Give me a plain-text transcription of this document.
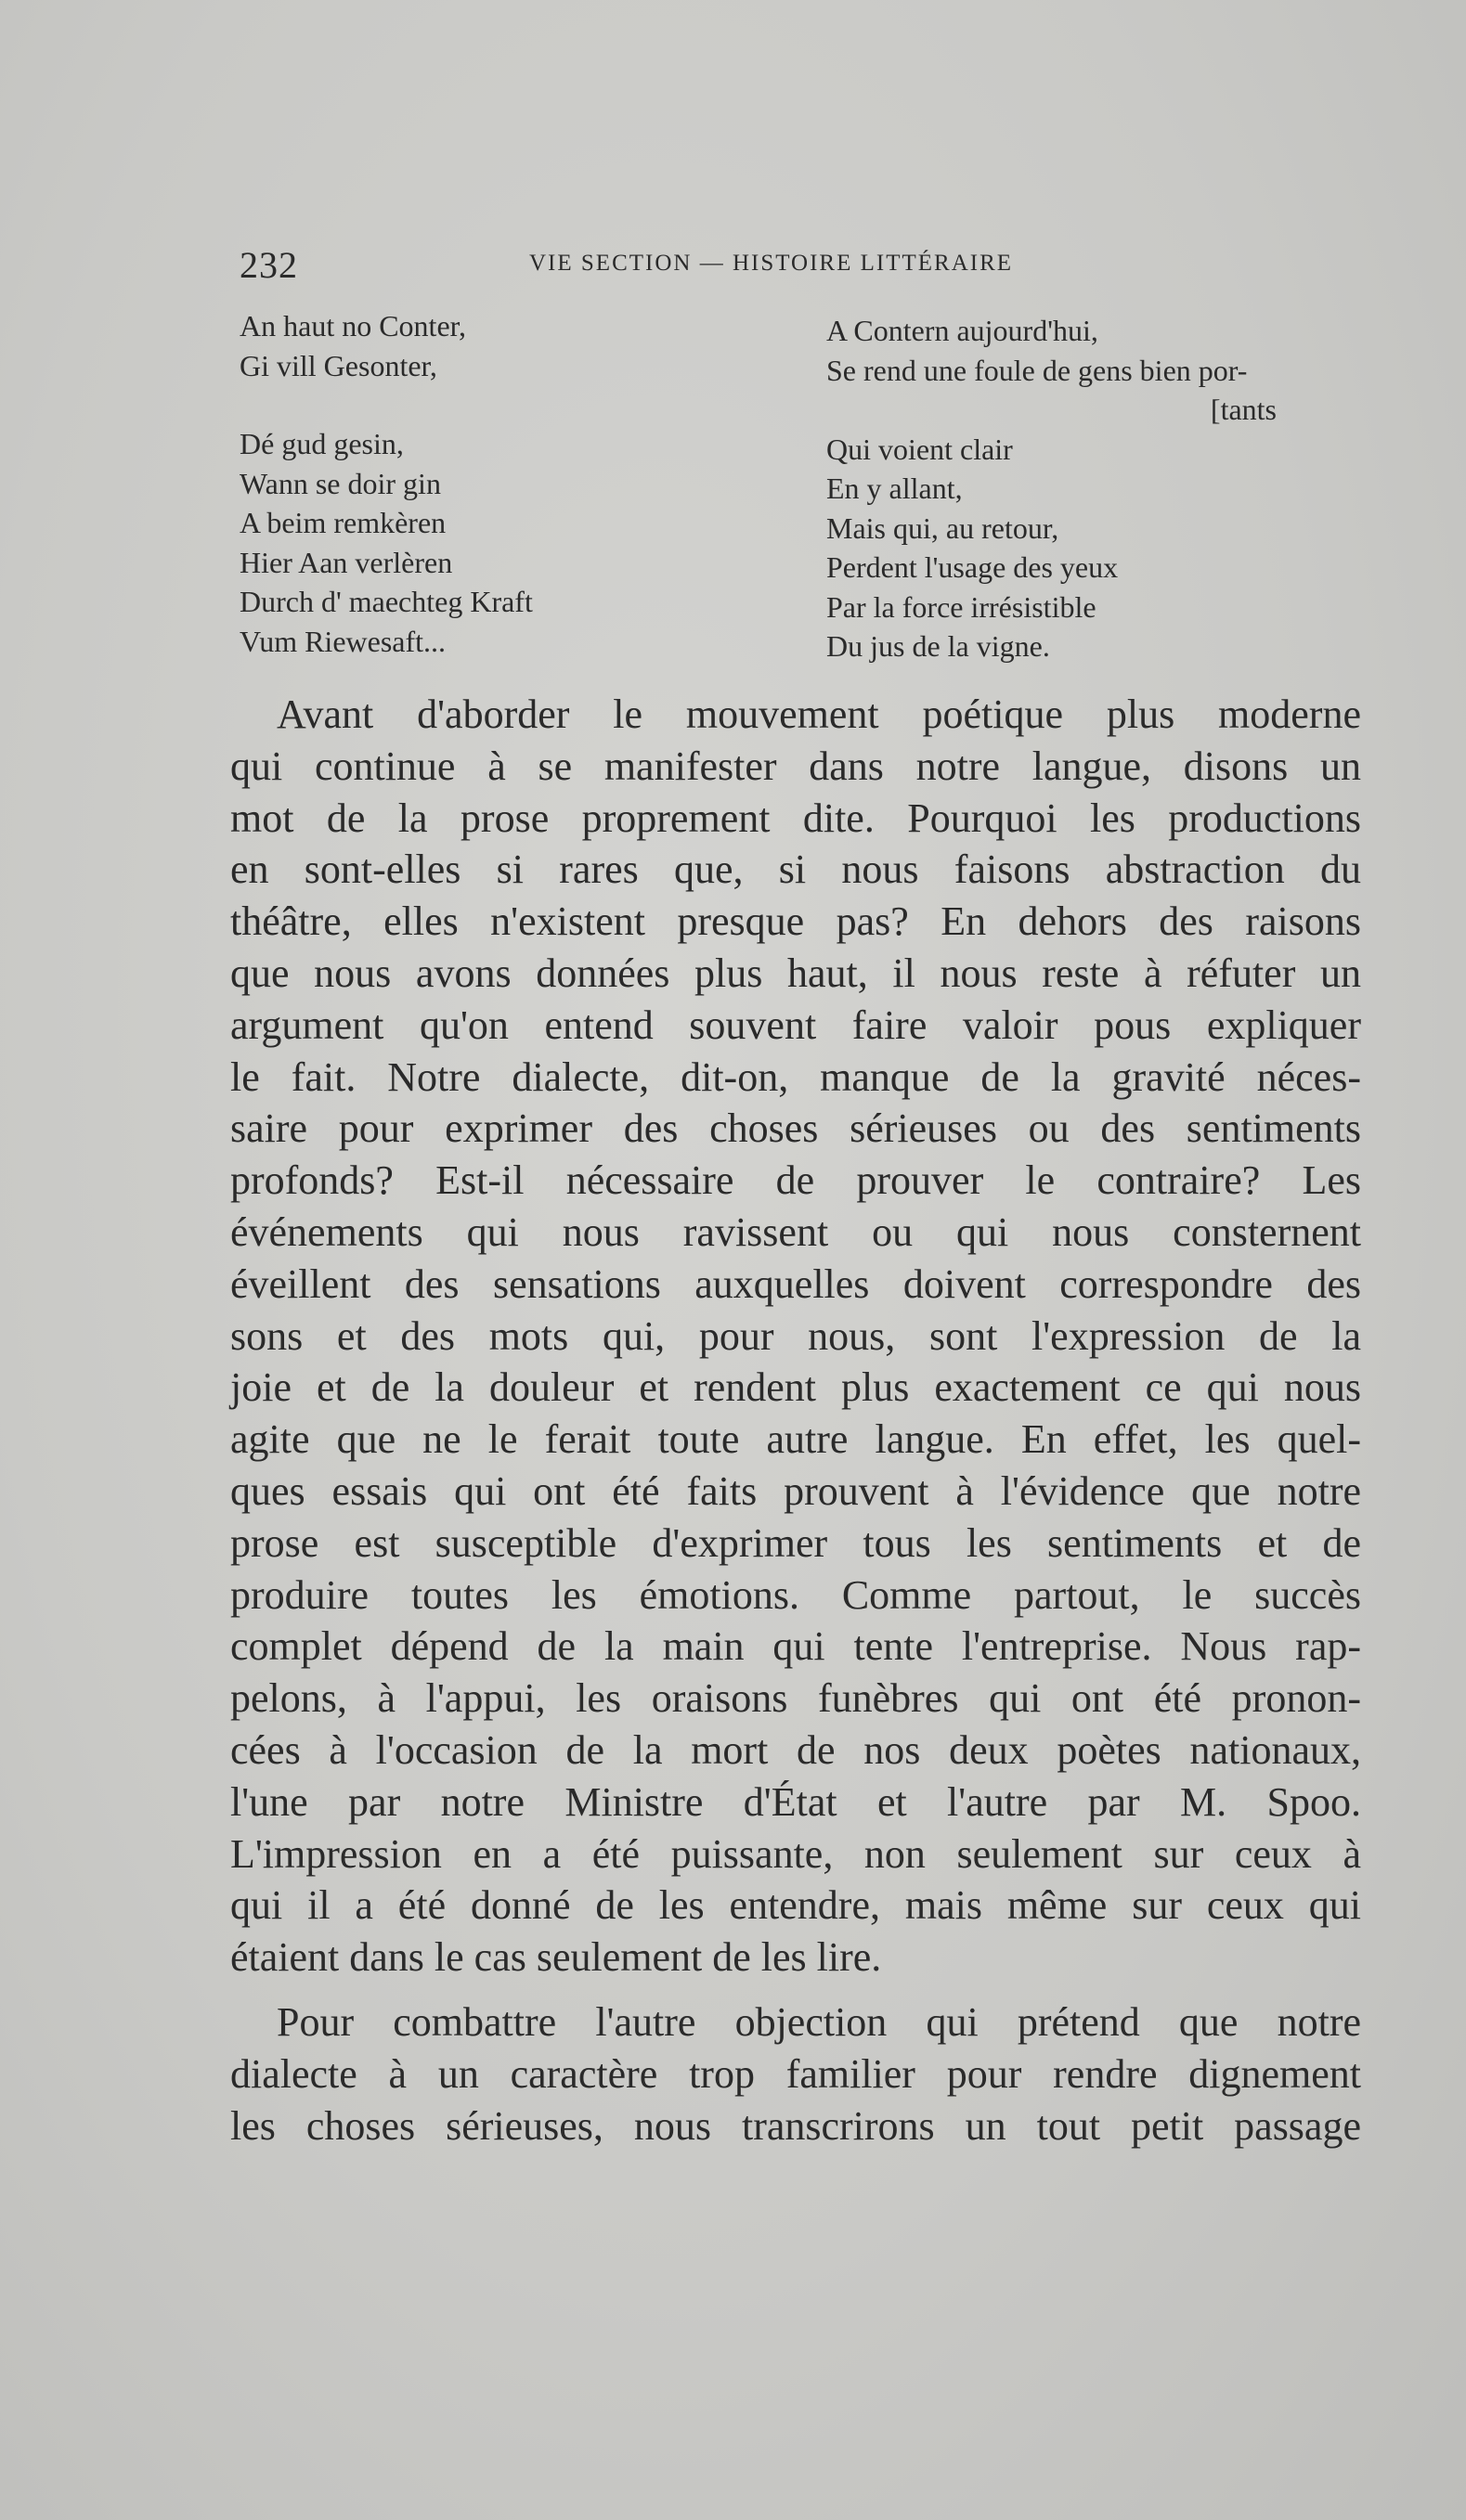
232	VIE SECTION — HISTOIRE LITTÉRAIRE
An haut no Conter,
Gi vill Gesonter,
Dé gud gesin,
Wann se doir gin
A beim remkèren
Hier Aan verlèren
Durch d' maechteg Kraft
Vum Riewesaft...
A Contern aujourd'hui,
Se rend une foule de gens bien por-
[tants
Qui voient clair
En y allant,
Mais qui, au retour,
Perdent l'usage des yeux
Par la force irrésistible
Du jus de la vigne.

Avant d'aborder le mouvement poétique plus moderne
qui continue à se manifester dans notre langue, disons un
mot de la prose proprement dite. Pourquoi les productions
en sont-elles si rares que, si nous faisons abstraction du
théâtre, elles n'existent presque pas? En dehors des raisons
que nous avons données plus haut, il nous reste à réfuter un
argument qu'on entend souvent faire valoir pous expliquer
le fait. Notre dialecte, dit-on, manque de la gravité néces-
saire pour exprimer des choses sérieuses ou des sentiments
profonds? Est-il nécessaire de prouver le contraire? Les
événements qui nous ravissent ou qui nous consternent
éveillent des sensations auxquelles doivent correspondre des
sons et des mots qui, pour nous, sont l'expression de la
joie et de la douleur et rendent plus exactement ce qui nous
agite que ne le ferait toute autre langue. En effet, les quel-
ques essais qui ont été faits prouvent à l'évidence que notre
prose est susceptible d'exprimer tous les sentiments et de
produire toutes les émotions. Comme partout, le succès
complet dépend de la main qui tente l'entreprise. Nous rap-
pelons, à l'appui, les oraisons funèbres qui ont été pronon-
cées à l'occasion de la mort de nos deux poètes nationaux,
l'une par notre Ministre d'État et l'autre par M. Spoo.
L'impression en a été puissante, non seulement sur ceux à
qui il a été donné de les entendre, mais même sur ceux qui
étaient dans le cas seulement de les lire.

Pour combattre l'autre objection qui prétend que notre
dialecte à un caractère trop familier pour rendre dignement
les choses sérieuses, nous transcrirons un tout petit passage
